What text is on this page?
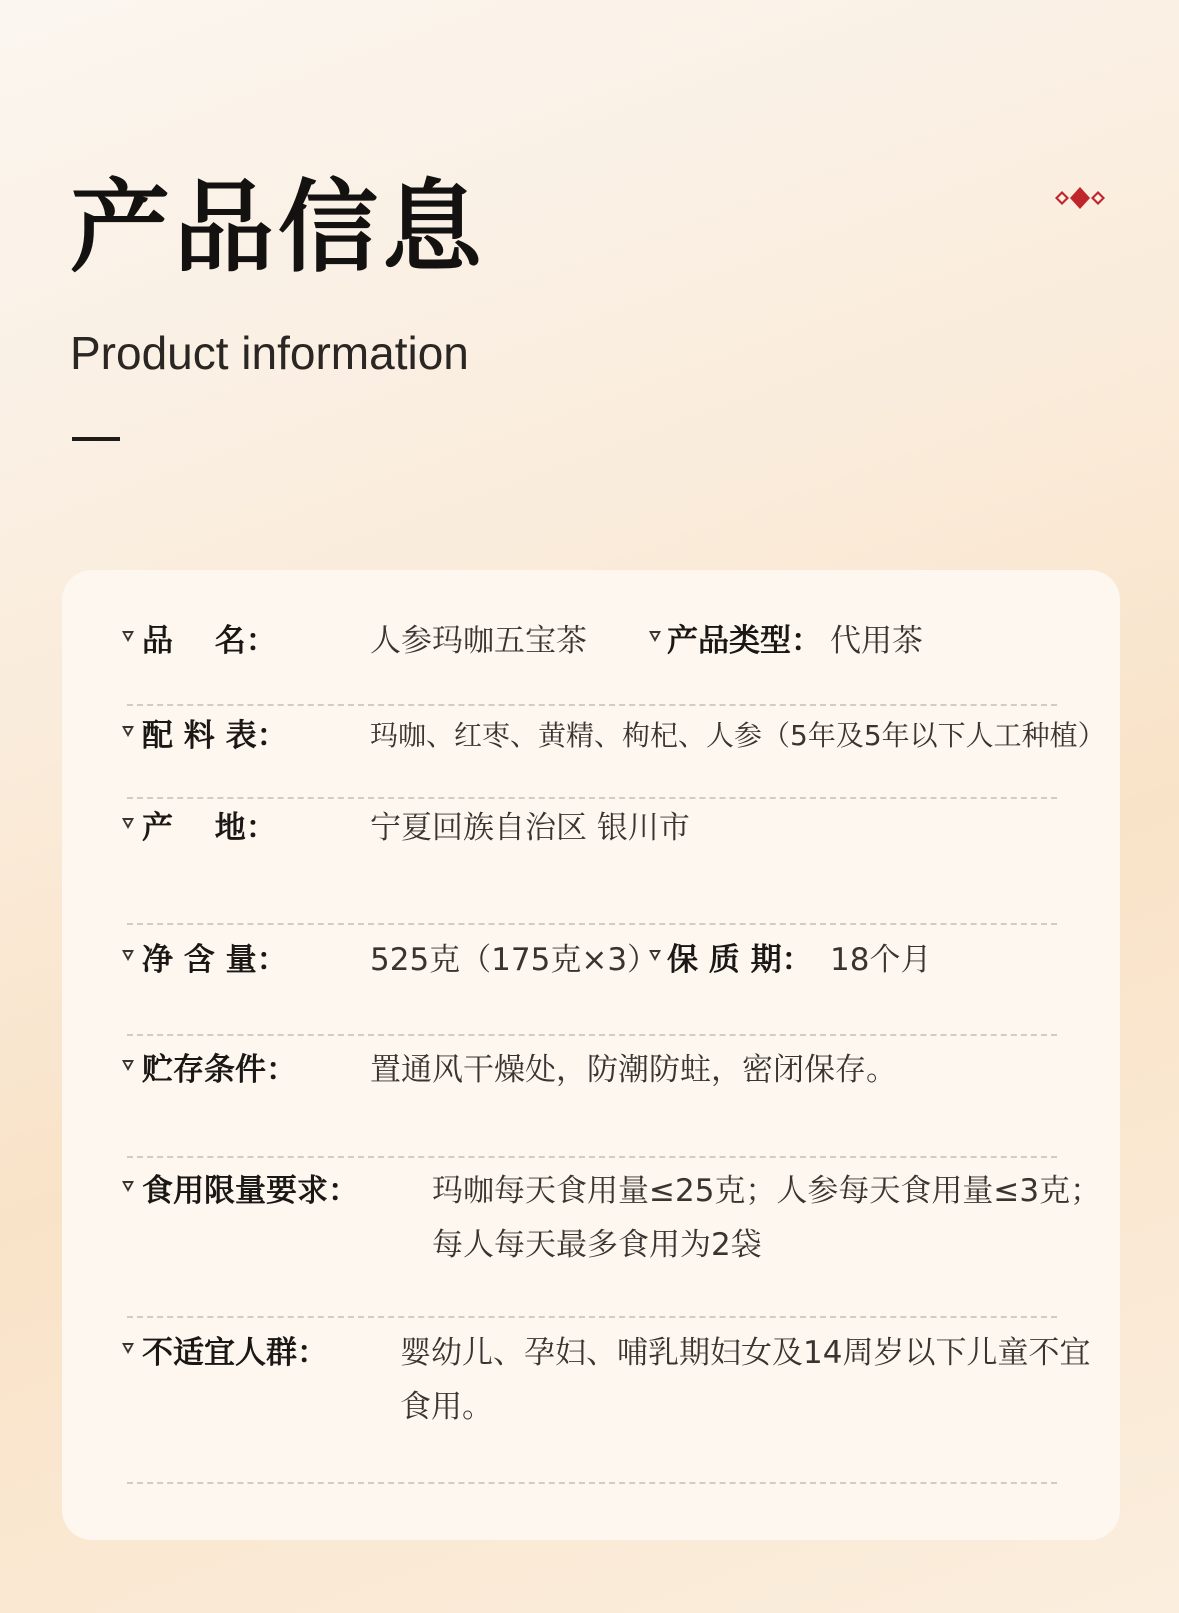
产品信息
Product information
品　 名：	人参玛咖五宝茶	产品类型： 代用茶
配 料 表：	玛咖、红枣、黄精、枸杞、人参（5年及5年以下人工种植）
产　 地：	宁夏回族自治区 银川市
净 含 量：	525克（175克×3） 保 质 期： 18个月
贮存条件： 置通风干燥处，防潮防蛀，密闭保存。
食用限量要求： 玛咖每天食用量≤25克；人参每天食用量≤3克；
每人每天最多食用为2袋
不适宜人群： 婴幼儿、孕妇、哺乳期妇女及14周岁以下儿童不宜
食用。
